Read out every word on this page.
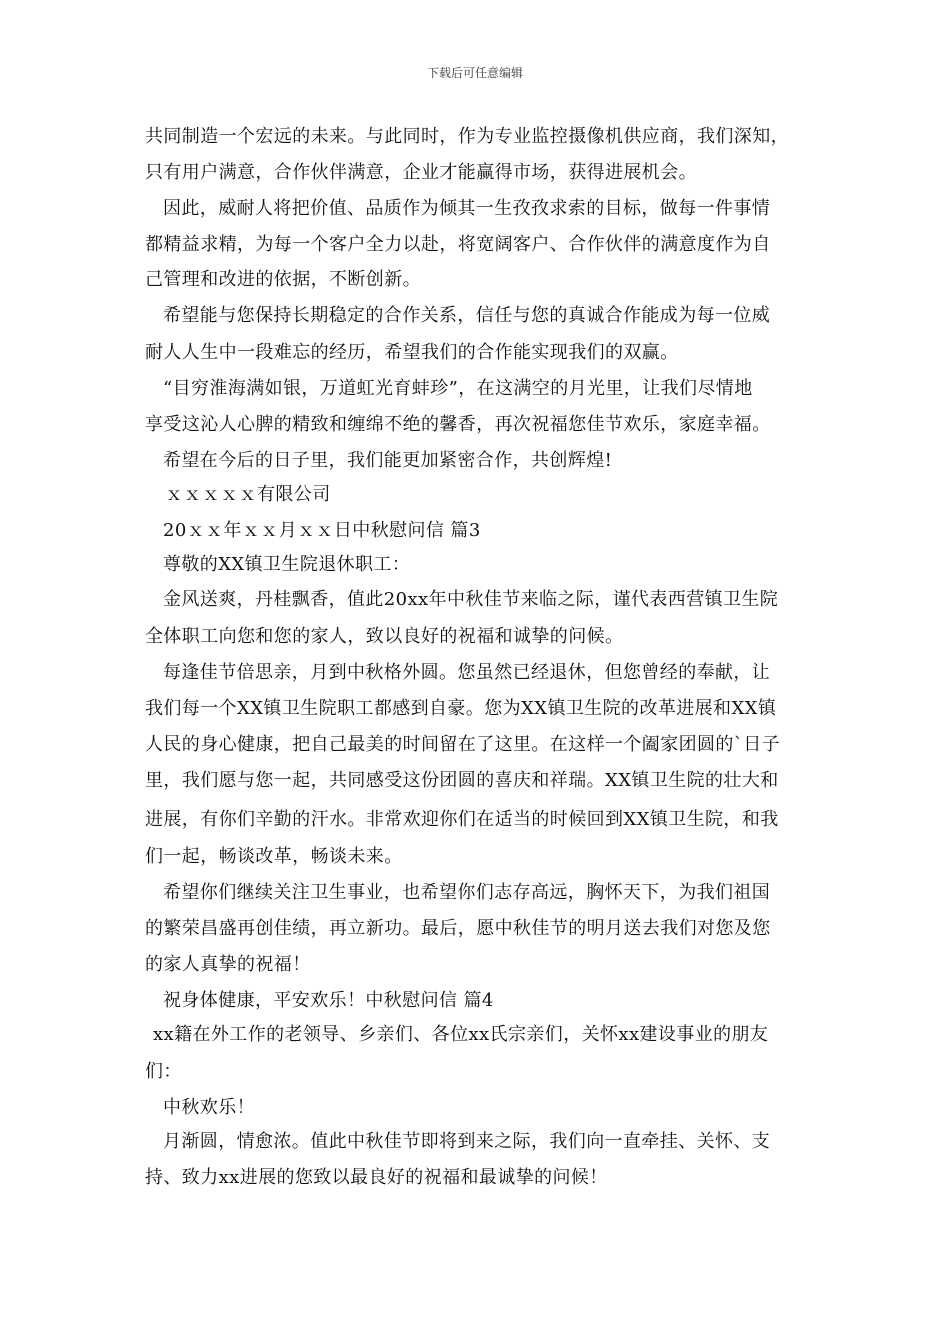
下载后可任意编辑
共同制造一个宏远的未来。与此同时，作为专业监控摄像机供应商，我们深知，
只有用户满意，合作伙伴满意，企业才能赢得市场，获得进展机会。
因此，威耐人将把价值、品质作为倾其一生孜孜求索的目标，做每一件事情
都精益求精，为每一个客户全力以赴，将宽阔客户、合作伙伴的满意度作为自
己管理和改进的依据，不断创新。
希望能与您保持长期稳定的合作关系，信任与您的真诚合作能成为每一位威
耐人人生中一段难忘的经历，希望我们的合作能实现我们的双赢。
“目穷淮海满如银，万道虹光育蚌珍”，在这满空的月光里，让我们尽情地
享受这沁人心脾的精致和缠绵不绝的馨香，再次祝福您佳节欢乐，家庭幸福。
希望在今后的日子里，我们能更加紧密合作，共创辉煌!
ｘｘｘｘｘ有限公司
20ｘｘ年ｘｘ月ｘｘ日中秋慰问信 篇3
尊敬的XX镇卫生院退休职工：
金风送爽，丹桂飘香，值此20xx年中秋佳节来临之际，谨代表西营镇卫生院
全体职工向您和您的家人，致以良好的祝福和诚挚的问候。
每逢佳节倍思亲，月到中秋格外圆。您虽然已经退休，但您曾经的奉献，让
我们每一个XX镇卫生院职工都感到自豪。您为XX镇卫生院的改革进展和XX镇
人民的身心健康，把自己最美的时间留在了这里。在这样一个阖家团圆的`日子
里，我们愿与您一起，共同感受这份团圆的喜庆和祥瑞。XX镇卫生院的壮大和
进展，有你们辛勤的汗水。非常欢迎你们在适当的时候回到XX镇卫生院，和我
们一起，畅谈改革，畅谈未来。
希望你们继续关注卫生事业，也希望你们志存高远，胸怀天下，为我们祖国
的繁荣昌盛再创佳绩，再立新功。最后，愿中秋佳节的明月送去我们对您及您
的家人真挚的祝福！
祝身体健康，平安欢乐！中秋慰问信 篇4
xx籍在外工作的老领导、乡亲们、各位xx氏宗亲们，关怀xx建设事业的朋友
们：
中秋欢乐！
月渐圆，情愈浓。值此中秋佳节即将到来之际，我们向一直牵挂、关怀、支
持、致力xx进展的您致以最良好的祝福和最诚挚的问候！
